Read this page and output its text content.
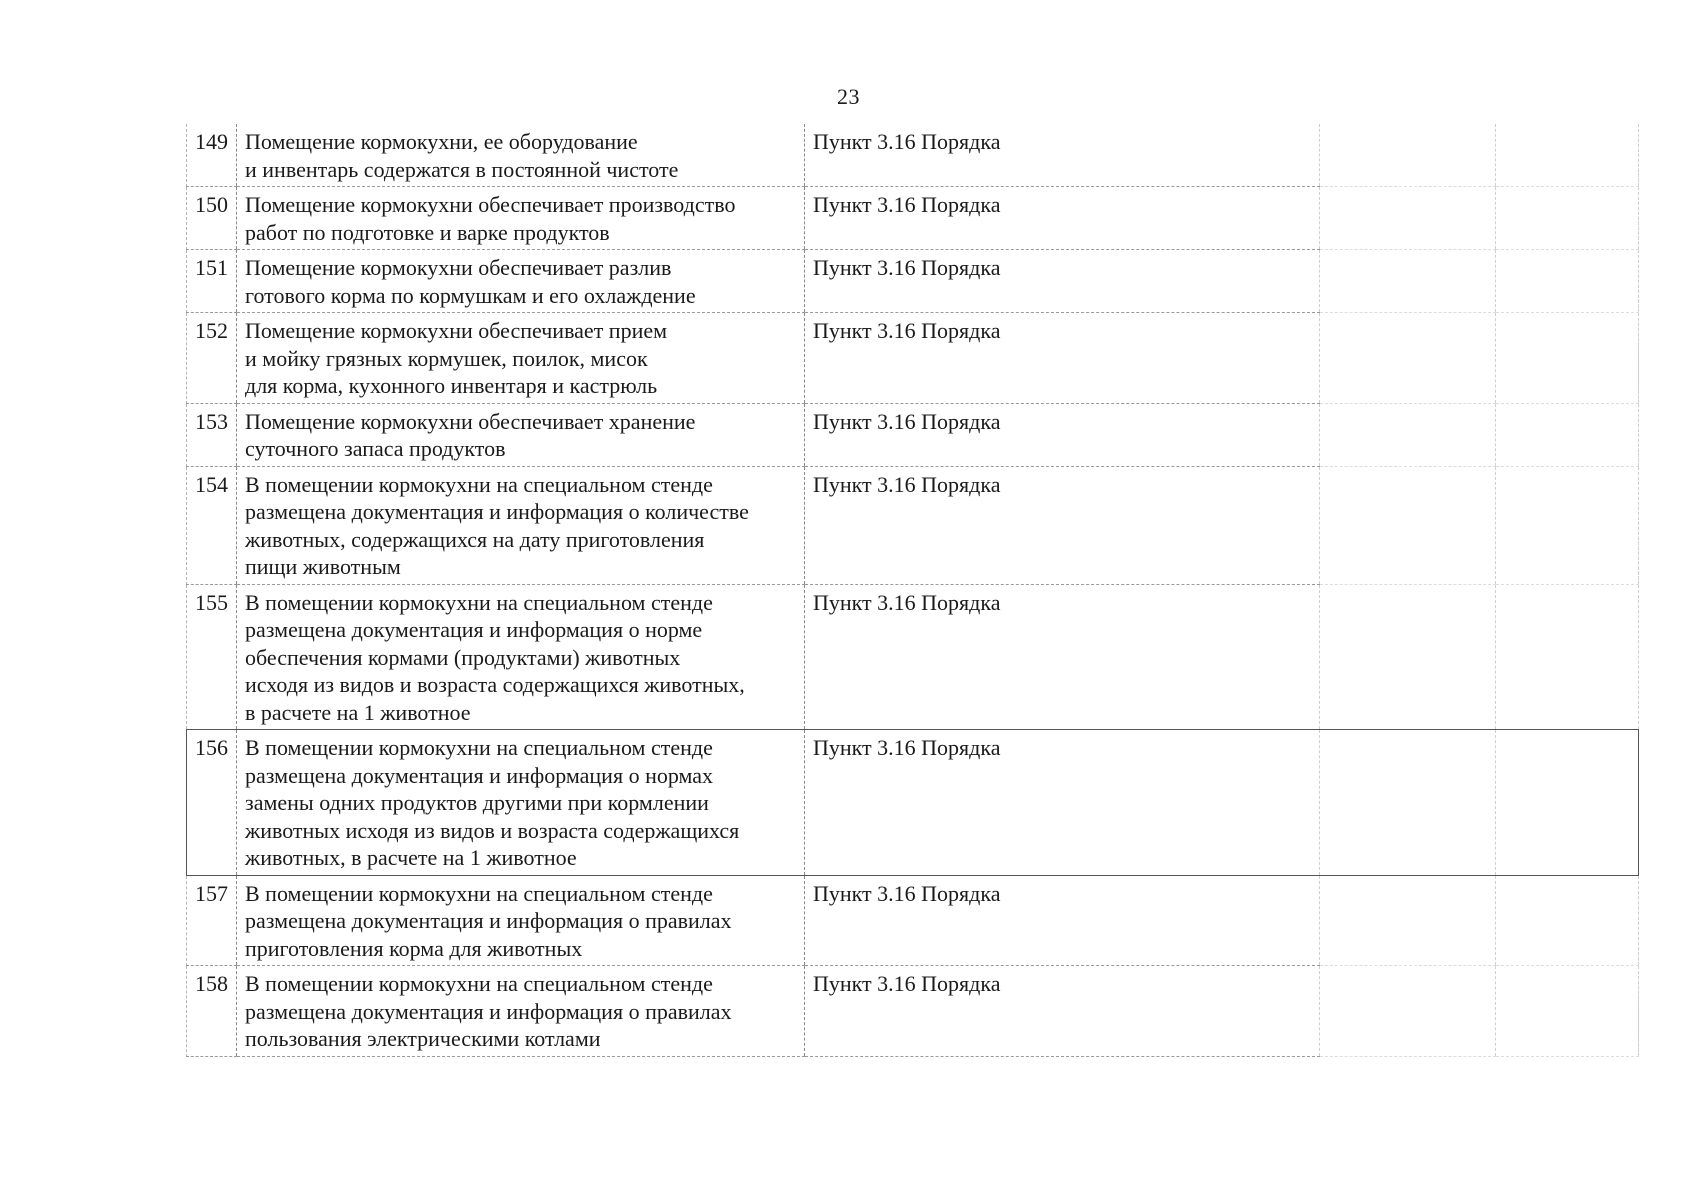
23
149	Помещение кормокухни, ее оборудование
и инвентарь содержатся в постоянной чистоте	Пункт 3.16 Порядка			
150	Помещение кормокухни обеспечивает производство
работ по подготовке и варке продуктов	Пункт 3.16 Порядка			
151	Помещение кормокухни обеспечивает разлив
готового корма по кормушкам и его охлаждение	Пункт 3.16 Порядка			
152	Помещение кормокухни обеспечивает прием
и мойку грязных кормушек, поилок, мисок
для корма, кухонного инвентаря и кастрюль	Пункт 3.16 Порядка			
153	Помещение кормокухни обеспечивает хранение
суточного запаса продуктов	Пункт 3.16 Порядка			
154	В помещении кормокухни на специальном стенде
размещена документация и информация о количестве
животных, содержащихся на дату приготовления
пищи животным	Пункт 3.16 Порядка			
155	В помещении кормокухни на специальном стенде
размещена документация и информация о норме
обеспечения кормами (продуктами) животных
исходя из видов и возраста содержащихся животных,
в расчете на 1 животное	Пункт 3.16 Порядка			
156	В помещении кормокухни на специальном стенде
размещена документация и информация о нормах
замены одних продуктов другими при кормлении
животных исходя из видов и возраста содержащихся
животных, в расчете на 1 животное	Пункт 3.16 Порядка			
157	В помещении кормокухни на специальном стенде
размещена документация и информация о правилах
приготовления корма для животных	Пункт 3.16 Порядка			
158	В помещении кормокухни на специальном стенде
размещена документация и информация о правилах
пользования электрическими котлами	Пункт 3.16 Порядка			
